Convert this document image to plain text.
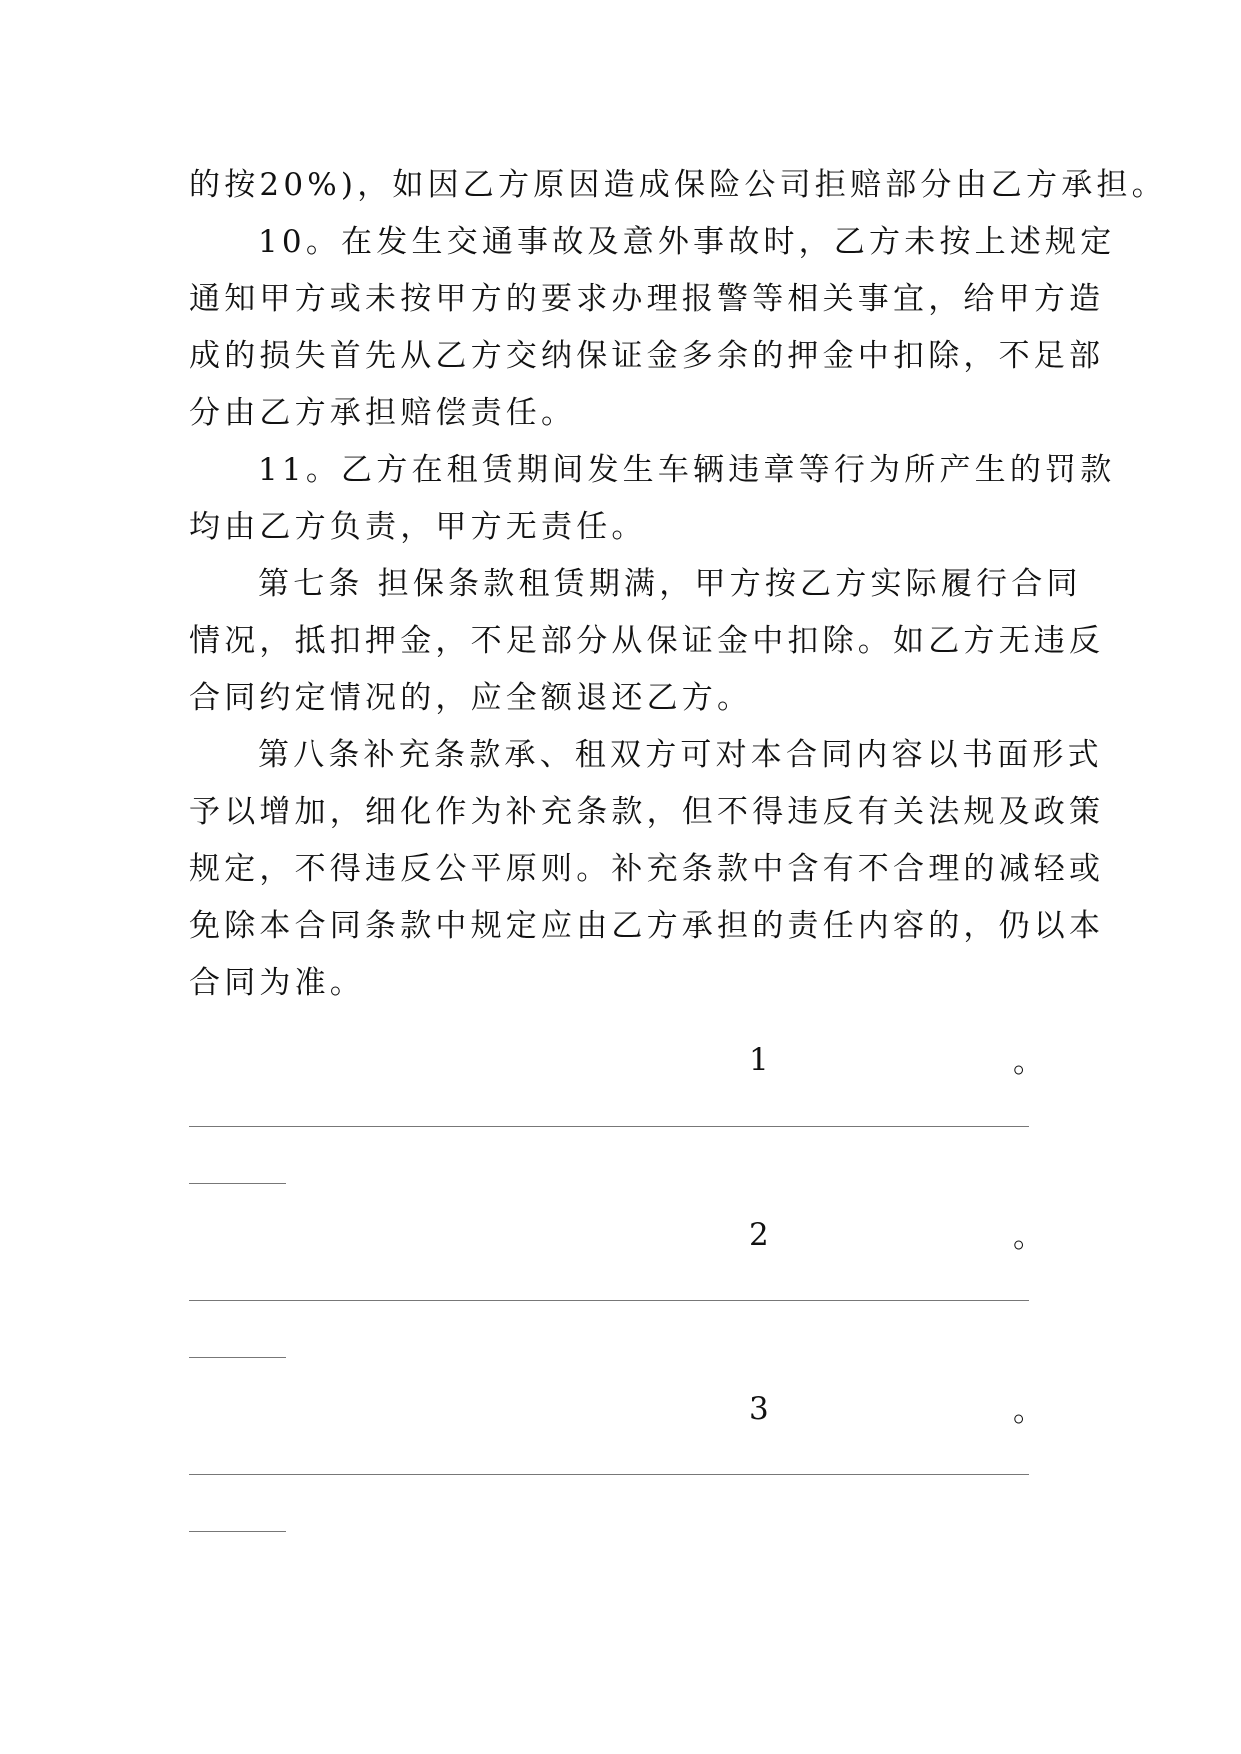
的按20%)，如因乙方原因造成保险公司拒赔部分由乙方承担。
10。在发生交通事故及意外事故时，乙方未按上述规定
通知甲方或未按甲方的要求办理报警等相关事宜，给甲方造
成的损失首先从乙方交纳保证金多余的押金中扣除，不足部
分由乙方承担赔偿责任。
11。乙方在租赁期间发生车辆违章等行为所产生的罚款
均由乙方负责，甲方无责任。
第七条 担保条款租赁期满，甲方按乙方实际履行合同
情况，抵扣押金，不足部分从保证金中扣除。如乙方无违反
合同约定情况的，应全额退还乙方。
第八条补充条款承、租双方可对本合同内容以书面形式
予以增加，细化作为补充条款，但不得违反有关法规及政策
规定，不得违反公平原则。补充条款中含有不合理的减轻或
免除本合同条款中规定应由乙方承担的责任内容的，仍以本
合同为准。
1	。
2	。
3	。
